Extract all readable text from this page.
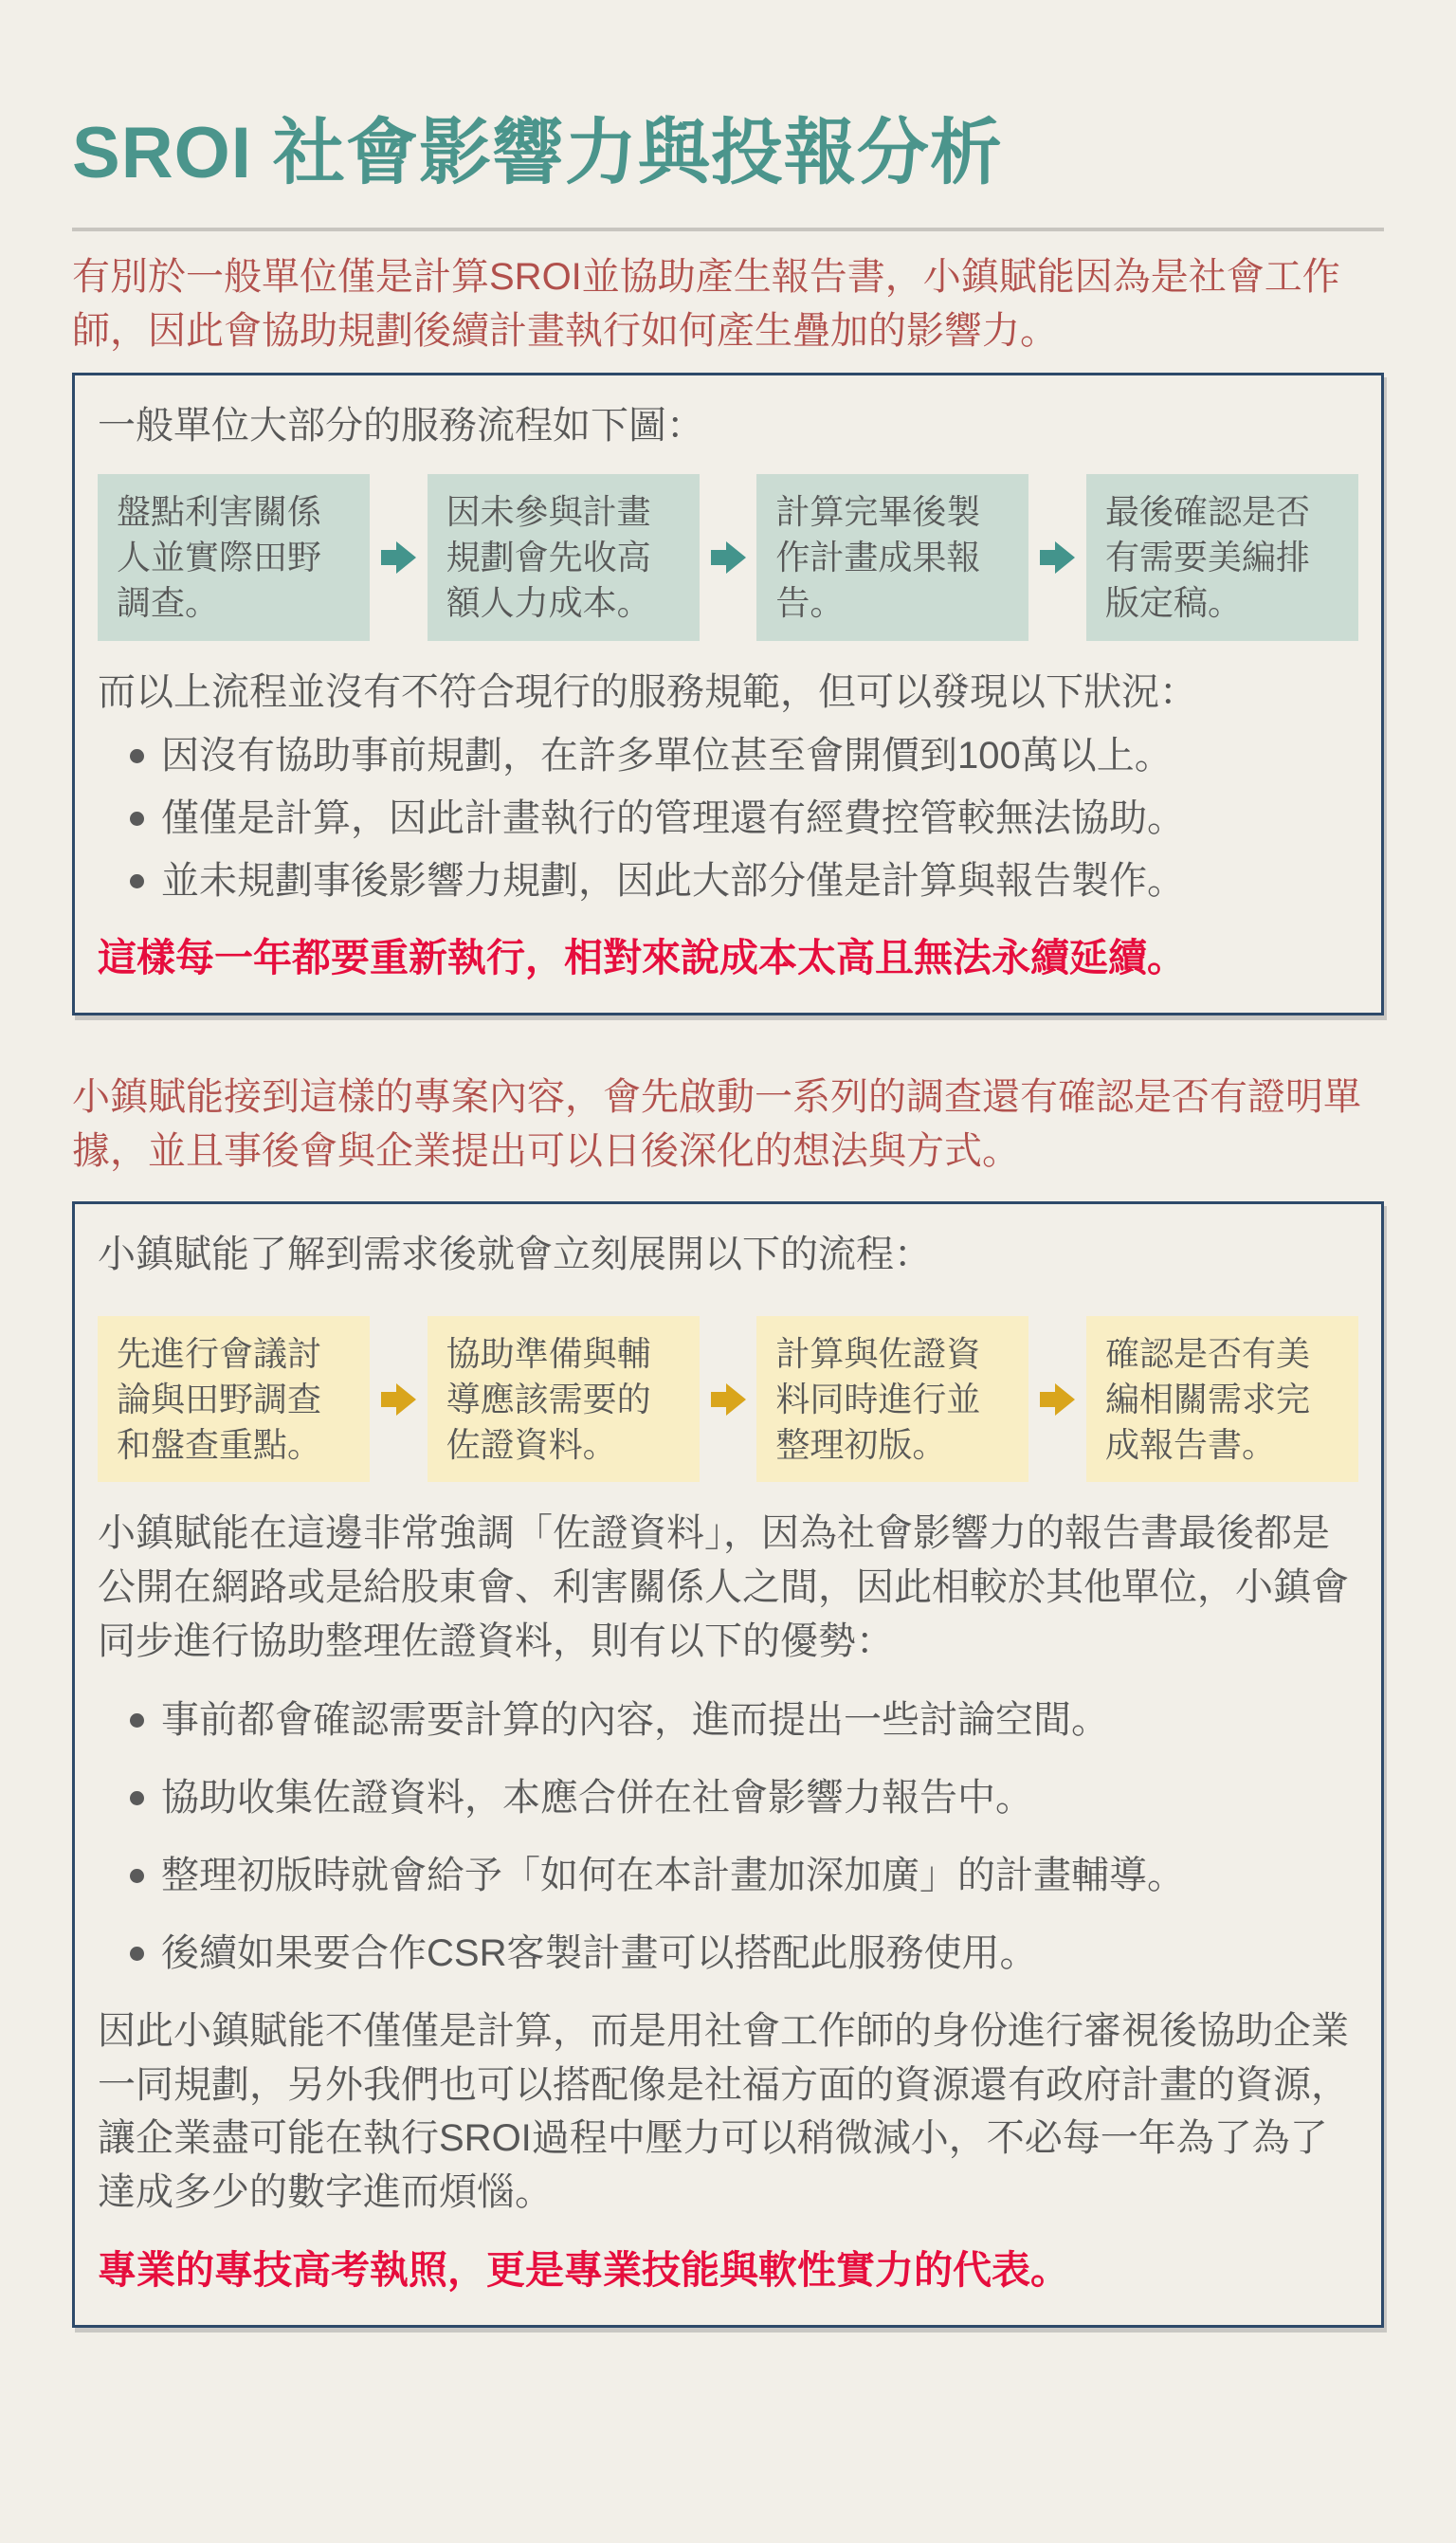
SROI 社會影響力與投報分析

有別於一般單位僅是計算SROI並協助產生報告書，小鎮賦能因為是社會工作師，因此會協助規劃後續計畫執行如何產生疊加的影響力。

一般單位大部分的服務流程如下圖：

盤點利害關係人並實際田野調查。
因未參與計畫規劃會先收高額人力成本。
計算完畢後製作計畫成果報告。
最後確認是否有需要美編排版定稿。

而以上流程並沒有不符合現行的服務規範，但可以發現以下狀況：

因沒有協助事前規劃，在許多單位甚至會開價到100萬以上。
僅僅是計算，因此計畫執行的管理還有經費控管較無法協助。
並未規劃事後影響力規劃，因此大部分僅是計算與報告製作。

這樣每一年都要重新執行，相對來說成本太高且無法永續延續。

小鎮賦能接到這樣的專案內容，會先啟動一系列的調查還有確認是否有證明單據，並且事後會與企業提出可以日後深化的想法與方式。

小鎮賦能了解到需求後就會立刻展開以下的流程：

先進行會議討論與田野調查和盤查重點。
協助準備與輔導應該需要的佐證資料。
計算與佐證資料同時進行並整理初版。
確認是否有美編相關需求完成報告書。

小鎮賦能在這邊非常強調「佐證資料」，因為社會影響力的報告書最後都是公開在網路或是給股東會、利害關係人之間，因此相較於其他單位，小鎮會同步進行協助整理佐證資料，則有以下的優勢：

事前都會確認需要計算的內容，進而提出一些討論空間。
協助收集佐證資料，本應合併在社會影響力報告中。
整理初版時就會給予「如何在本計畫加深加廣」的計畫輔導。
後續如果要合作CSR客製計畫可以搭配此服務使用。

因此小鎮賦能不僅僅是計算，而是用社會工作師的身份進行審視後協助企業一同規劃，另外我們也可以搭配像是社福方面的資源還有政府計畫的資源，讓企業盡可能在執行SROI過程中壓力可以稍微減小，不必每一年為了為了達成多少的數字進而煩惱。

專業的專技高考執照，更是專業技能與軟性實力的代表。
